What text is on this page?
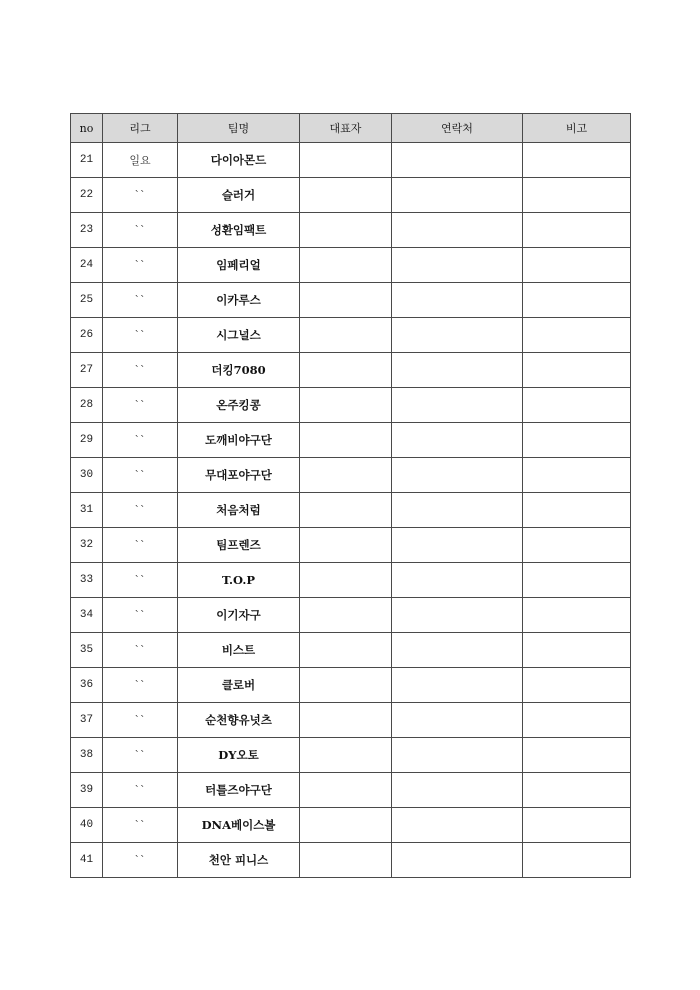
no	리그	팀명	대표자	연락처	비고
21	일요	다이아몬드			
22	``	슬러거			
23	``	성환임팩트			
24	``	임페리얼			
25	``	이카루스			
26	``	시그널스			
27	``	더킹7080			
28	``	온주킹콩			
29	``	도깨비야구단			
30	``	무대포야구단			
31	``	처음처럼			
32	``	팀프렌즈			
33	``	T.O.P			
34	``	이기자구			
35	``	비스트			
36	``	클로버			
37	``	순천향유넛츠			
38	``	DY오토			
39	``	터틀즈야구단			
40	``	DNA베이스볼			
41	``	천안 피니스			
